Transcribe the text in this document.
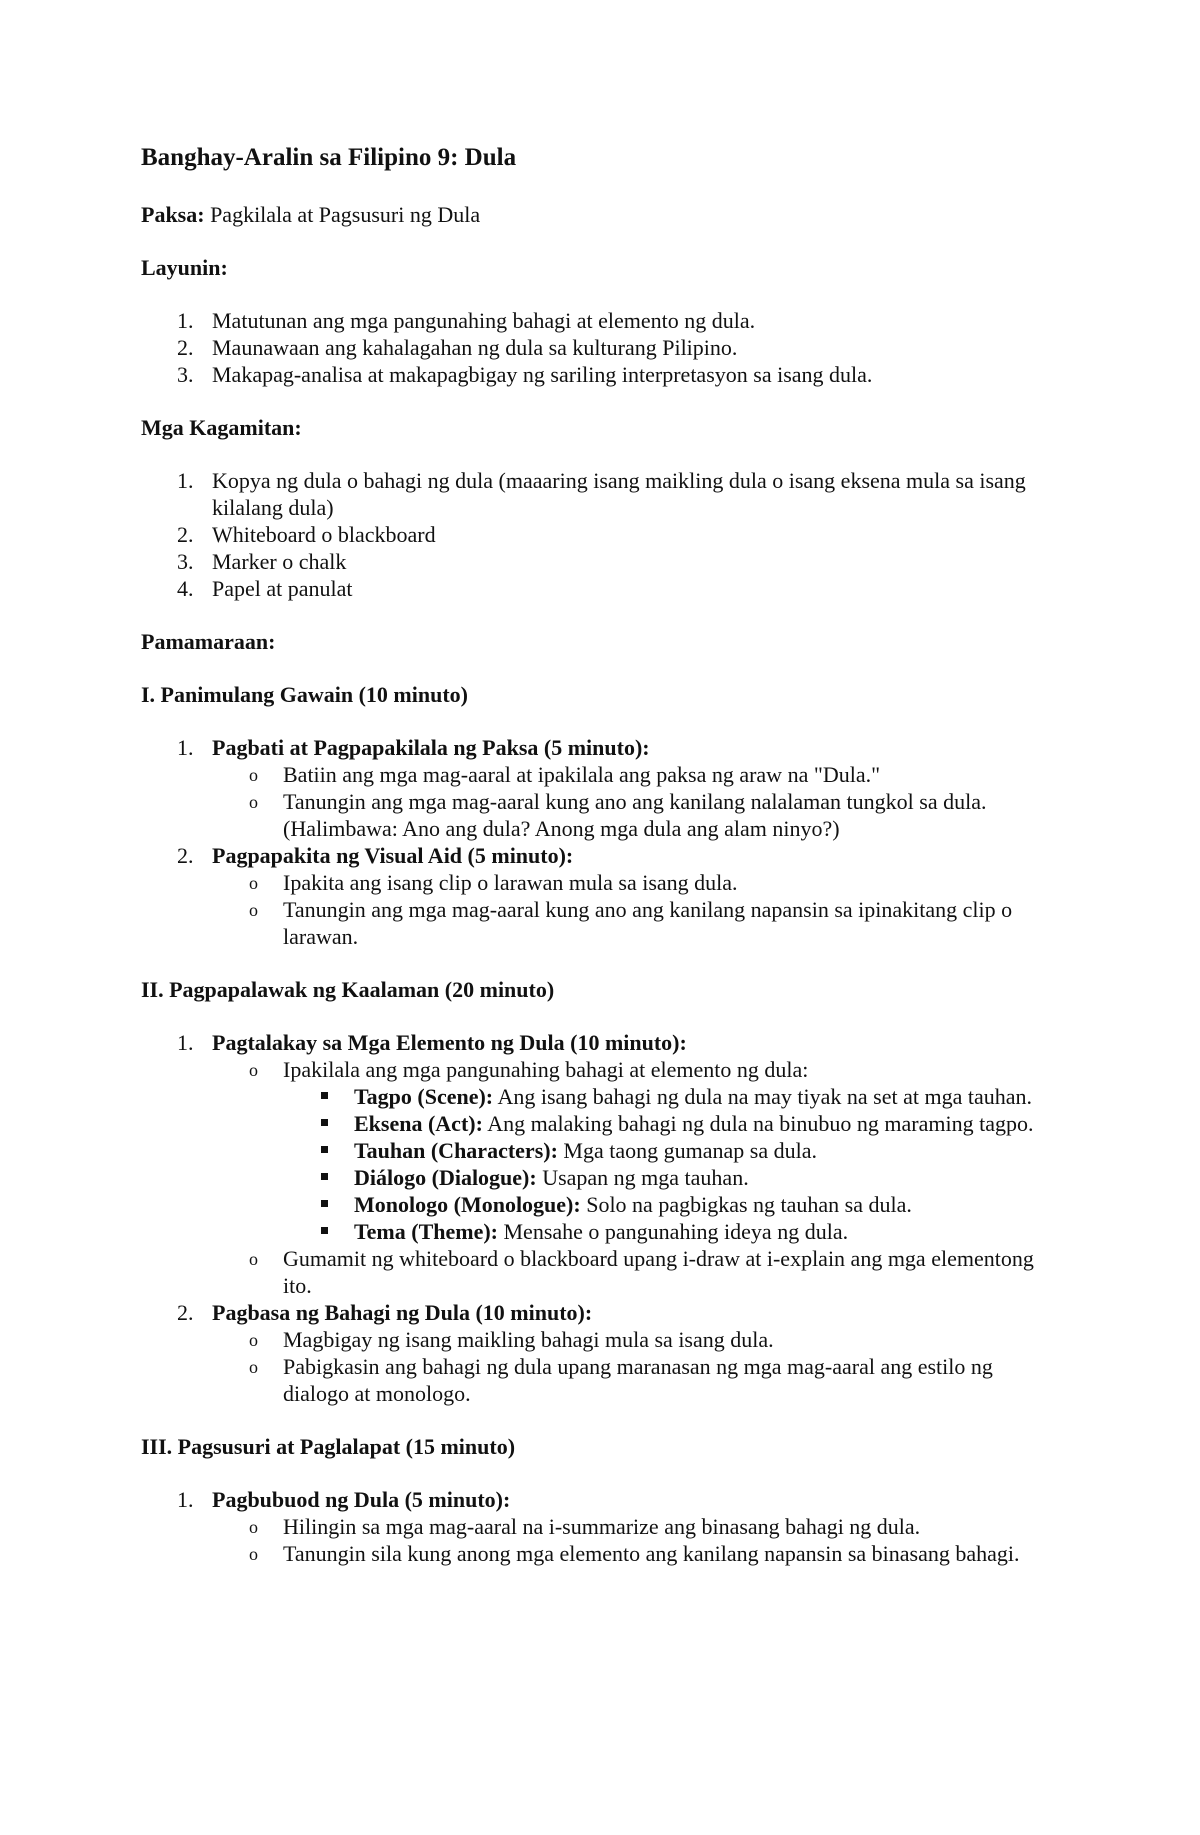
Banghay-Aralin sa Filipino 9: Dula

Paksa: Pagkilala at Pagsusuri ng Dula

Layunin:
1. Matutunan ang mga pangunahing bahagi at elemento ng dula.
2. Maunawaan ang kahalagahan ng dula sa kulturang Pilipino.
3. Makapag-analisa at makapagbigay ng sariling interpretasyon sa isang dula.
Mga Kagamitan:
1. Kopya ng dula o bahagi ng dula (maaaring isang maikling dula o isang eksena mula sa isang kilalang dula)
2. Whiteboard o blackboard
3. Marker o chalk
4. Papel at panulat
Pamamaraan:
I. Panimulang Gawain (10 minuto)
1. Pagbati at Pagpapakilala ng Paksa (5 minuto):
o Batiin ang mga mag-aaral at ipakilala ang paksa ng araw na "Dula."
o Tanungin ang mga mag-aaral kung ano ang kanilang nalalaman tungkol sa dula. (Halimbawa: Ano ang dula? Anong mga dula ang alam ninyo?)
2. Pagpapakita ng Visual Aid (5 minuto):
o Ipakita ang isang clip o larawan mula sa isang dula.
o Tanungin ang mga mag-aaral kung ano ang kanilang napansin sa ipinakitang clip o larawan.
II. Pagpapalawak ng Kaalaman (20 minuto)
1. Pagtalakay sa Mga Elemento ng Dula (10 minuto):
o Ipakilala ang mga pangunahing bahagi at elemento ng dula:
Tagpo (Scene): Ang isang bahagi ng dula na may tiyak na set at mga tauhan.
Eksena (Act): Ang malaking bahagi ng dula na binubuo ng maraming tagpo.
Tauhan (Characters): Mga taong gumanap sa dula.
Diálogo (Dialogue): Usapan ng mga tauhan.
Monologo (Monologue): Solo na pagbigkas ng tauhan sa dula.
Tema (Theme): Mensahe o pangunahing ideya ng dula.
o Gumamit ng whiteboard o blackboard upang i-draw at i-explain ang mga elementong ito.
2. Pagbasa ng Bahagi ng Dula (10 minuto):
o Magbigay ng isang maikling bahagi mula sa isang dula.
o Pabigkasin ang bahagi ng dula upang maranasan ng mga mag-aaral ang estilo ng dialogo at monologo.
III. Pagsusuri at Paglalapat (15 minuto)
1. Pagbubuod ng Dula (5 minuto):
o Hilingin sa mga mag-aaral na i-summarize ang binasang bahagi ng dula.
o Tanungin sila kung anong mga elemento ang kanilang napansin sa binasang bahagi.
